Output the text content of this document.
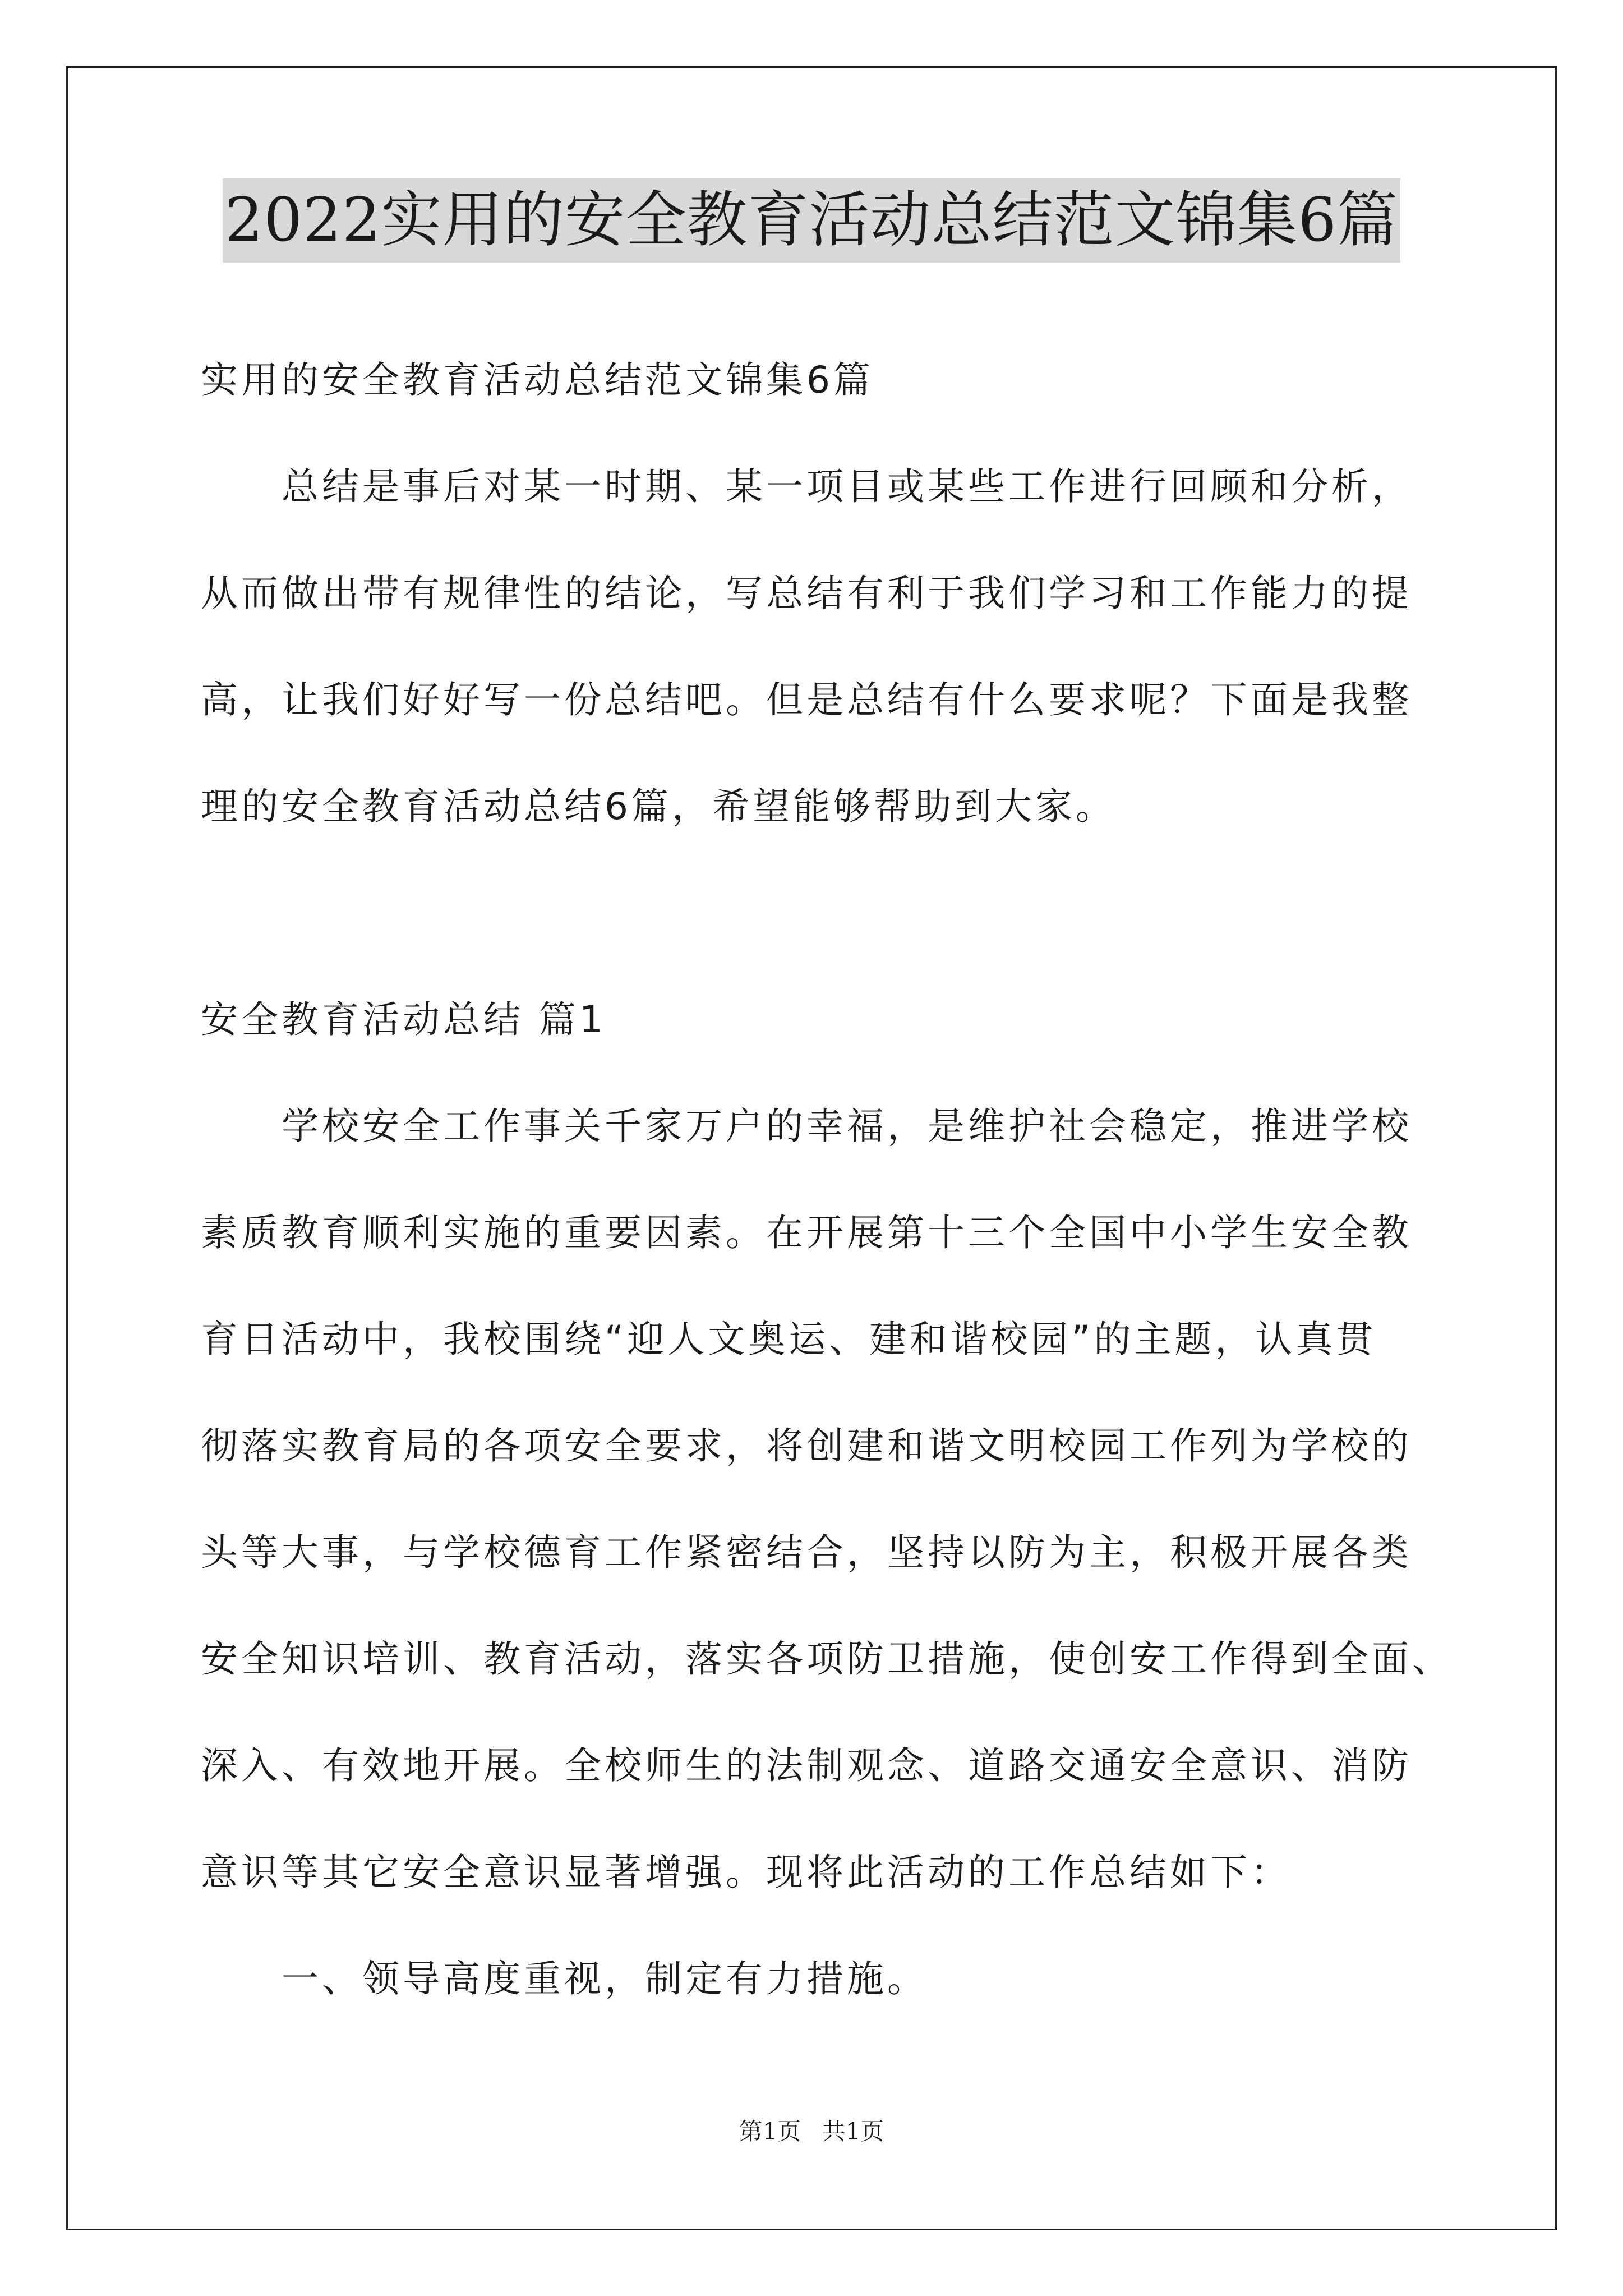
2022实用的安全教育活动总结范文锦集6篇
实用的安全教育活动总结范文锦集6篇
　　总结是事后对某一时期、某一项目或某些工作进行回顾和分析，
从而做出带有规律性的结论，写总结有利于我们学习和工作能力的提
高，让我们好好写一份总结吧。但是总结有什么要求呢？下面是我整
理的安全教育活动总结6篇，希望能够帮助到大家。
安全教育活动总结 篇1
　　学校安全工作事关千家万户的幸福，是维护社会稳定，推进学校
素质教育顺利实施的重要因素。在开展第十三个全国中小学生安全教
育日活动中，我校围绕“迎人文奥运、建和谐校园”的主题，认真贯
彻落实教育局的各项安全要求，将创建和谐文明校园工作列为学校的
头等大事，与学校德育工作紧密结合，坚持以防为主，积极开展各类
安全知识培训、教育活动，落实各项防卫措施，使创安工作得到全面、
深入、有效地开展。全校师生的法制观念、道路交通安全意识、消防
意识等其它安全意识显著增强。现将此活动的工作总结如下：
　　一、领导高度重视，制定有力措施。
第1页 共1页
